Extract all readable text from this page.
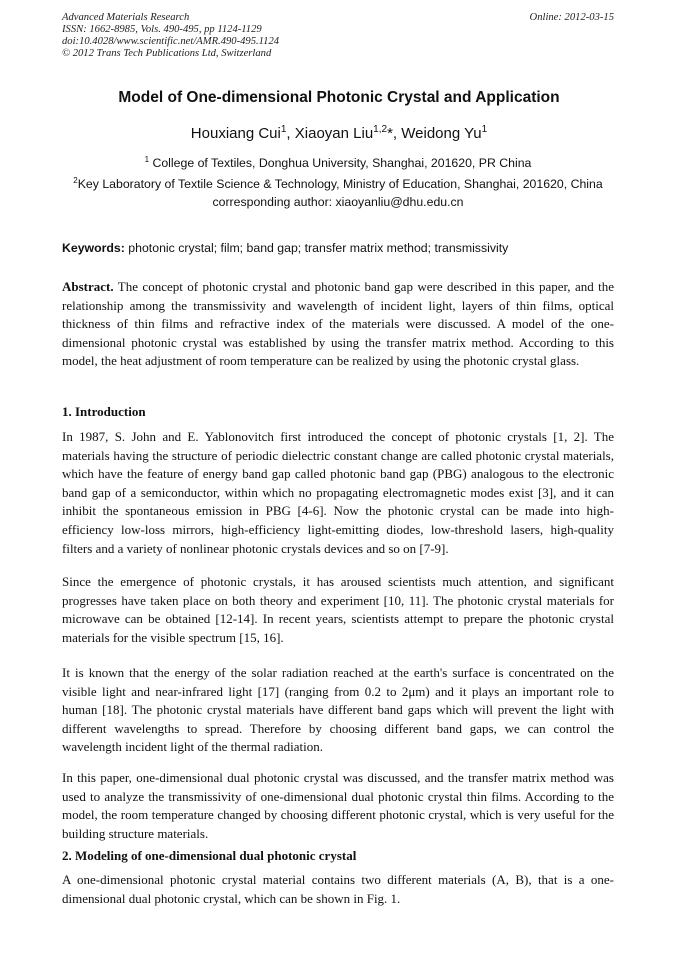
Advanced Materials Research
ISSN: 1662-8985, Vols. 490-495, pp 1124-1129
doi:10.4028/www.scientific.net/AMR.490-495.1124
© 2012 Trans Tech Publications Ltd, Switzerland
Online: 2012-03-15
Model of One-dimensional Photonic Crystal and Application
Houxiang Cui$^1$, Xiaoyan Liu$^{1,2}$*, Weidong Yu$^1$
$^1$ College of Textiles, Donghua University, Shanghai, 201620, PR China
$^2$Key Laboratory of Textile Science & Technology, Ministry of Education, Shanghai, 201620, China
corresponding author: xiaoyanliu@dhu.edu.cn
Keywords: photonic crystal; film; band gap; transfer matrix method; transmissivity
Abstract. The concept of photonic crystal and photonic band gap were described in this paper, and the relationship among the transmissivity and wavelength of incident light, layers of thin films, optical thickness of thin films and refractive index of the materials were discussed. A model of the one-dimensional photonic crystal was established by using the transfer matrix method. According to this model, the heat adjustment of room temperature can be realized by using the photonic crystal glass.
1. Introduction
In 1987, S. John and E. Yablonovitch first introduced the concept of photonic crystals [1, 2]. The materials having the structure of periodic dielectric constant change are called photonic crystal materials, which have the feature of energy band gap called photonic band gap (PBG) analogous to the electronic band gap of a semiconductor, within which no propagating electromagnetic modes exist [3], and it can inhibit the spontaneous emission in PBG [4-6]. Now the photonic crystal can be made into high-efficiency low-loss mirrors, high-efficiency light-emitting diodes, low-threshold lasers, high-quality filters and a variety of nonlinear photonic crystals devices and so on [7-9].
Since the emergence of photonic crystals, it has aroused scientists much attention, and significant progresses have taken place on both theory and experiment [10, 11]. The photonic crystal materials for microwave can be obtained [12-14]. In recent years, scientists attempt to prepare the photonic crystal materials for the visible spectrum [15, 16].
It is known that the energy of the solar radiation reached at the earth's surface is concentrated on the visible light and near-infrared light [17] (ranging from 0.2 to 2μm) and it plays an important role to human [18]. The photonic crystal materials have different band gaps which will prevent the light with different wavelengths to spread. Therefore by choosing different band gaps, we can control the wavelength incident light of the thermal radiation.
In this paper, one-dimensional dual photonic crystal was discussed, and the transfer matrix method was used to analyze the transmissivity of one-dimensional dual photonic crystal thin films. According to the model, the room temperature changed by choosing different photonic crystal, which is very useful for the building structure materials.
2. Modeling of one-dimensional dual photonic crystal
A one-dimensional photonic crystal material contains two different materials (A, B), that is a one-dimensional dual photonic crystal, which can be shown in Fig. 1.
